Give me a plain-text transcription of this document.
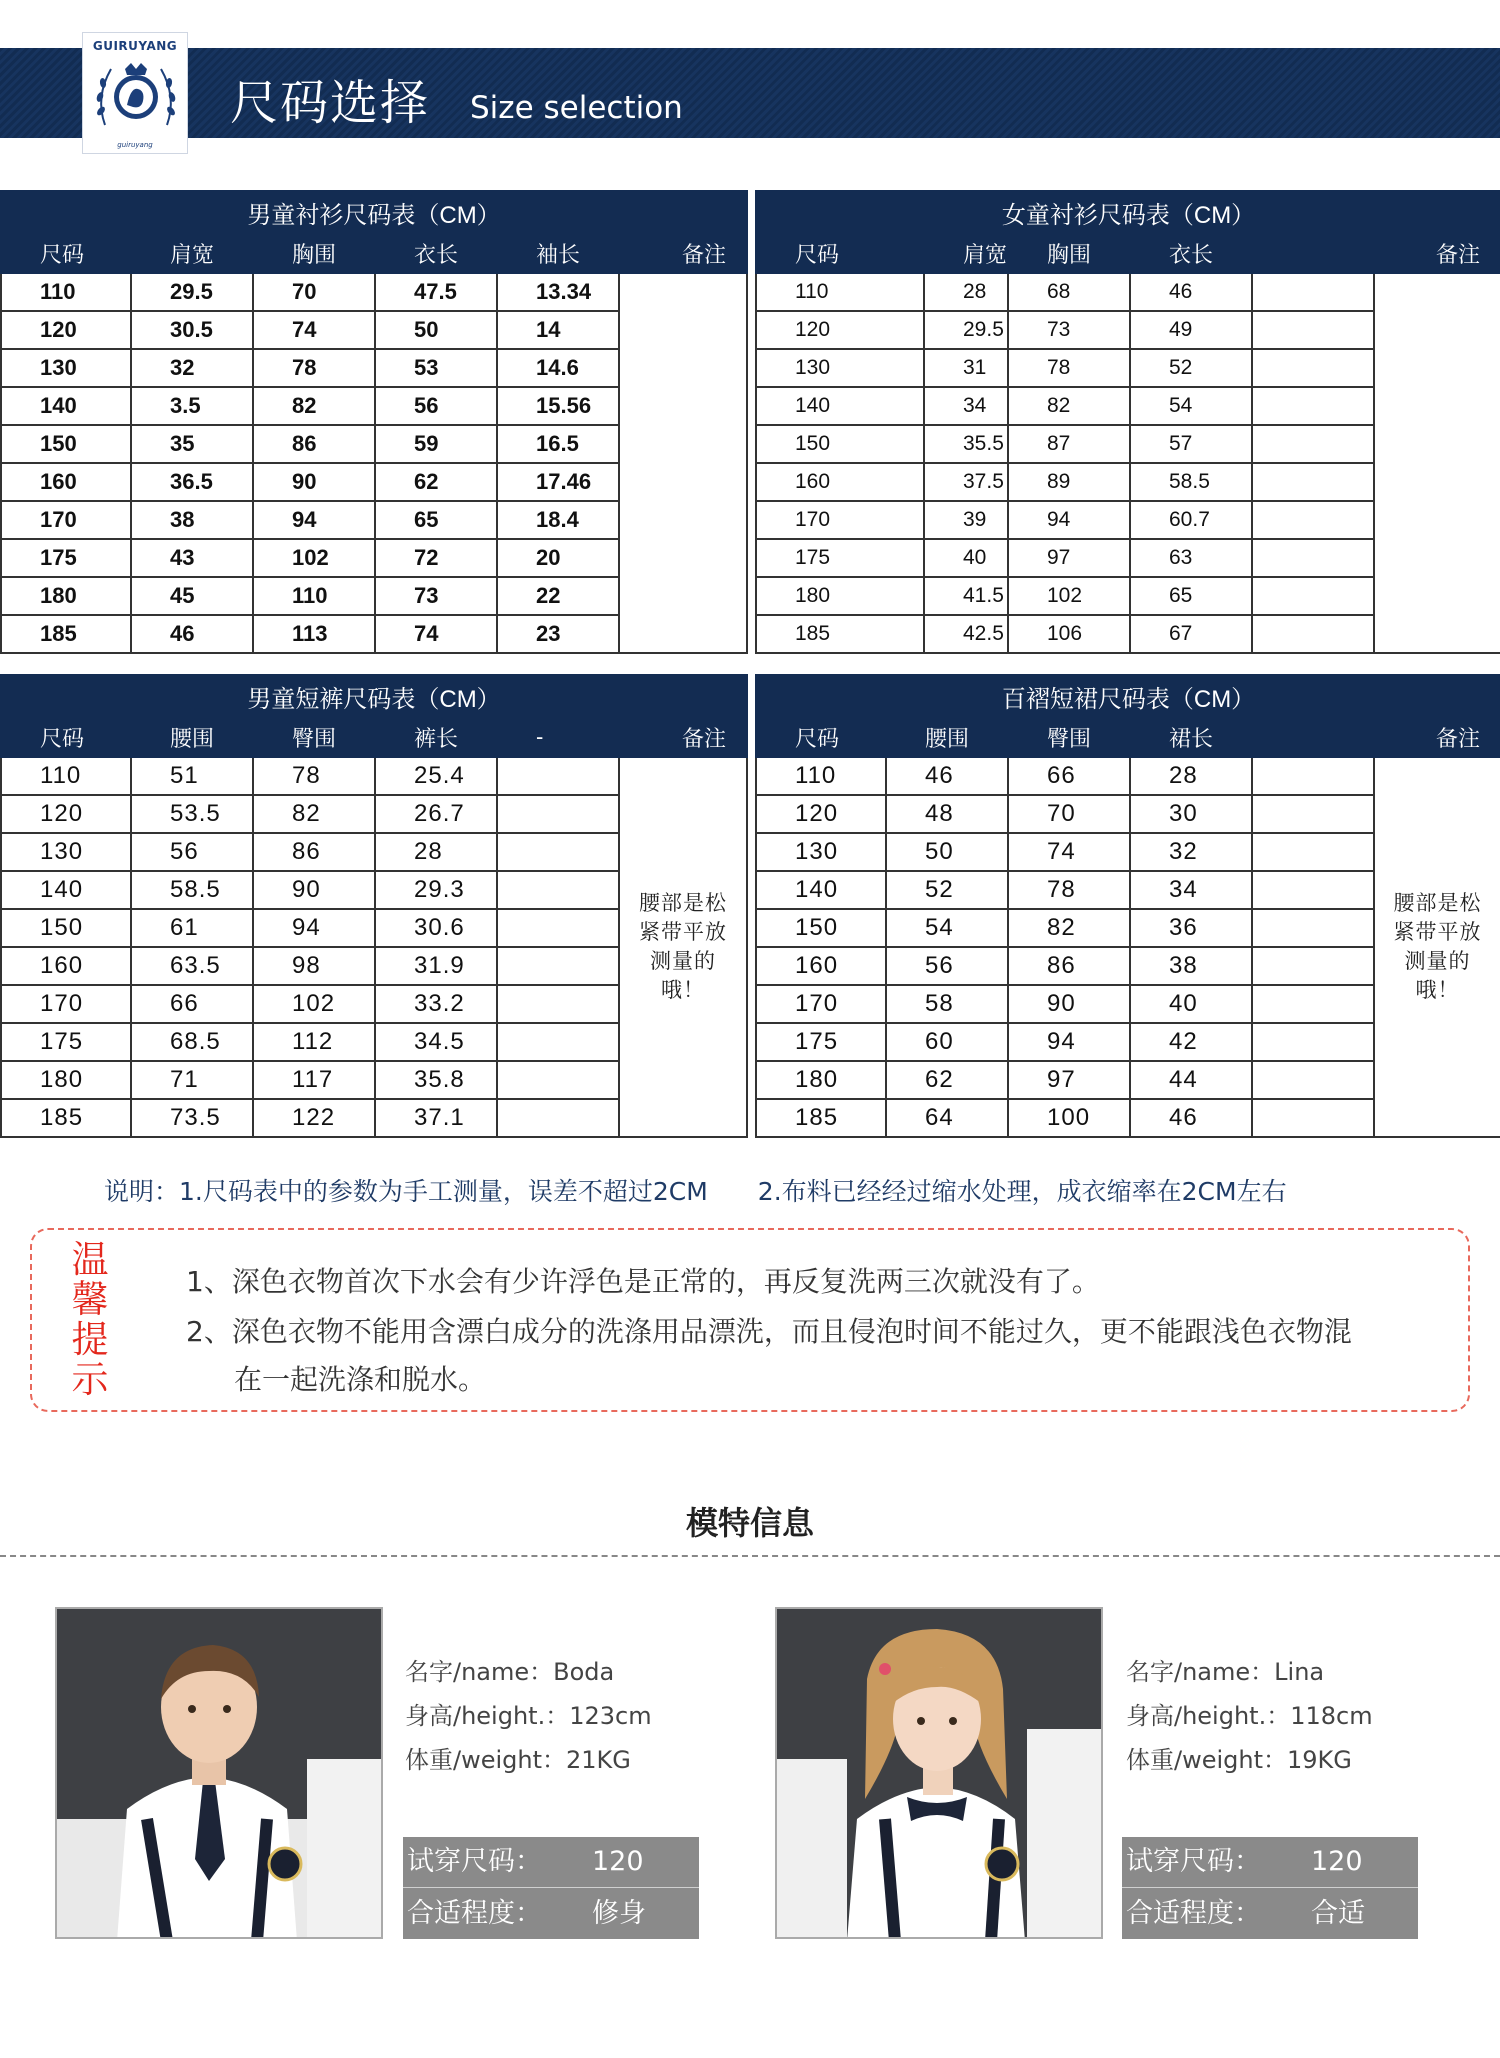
GUIRUYANG
guiruyang
尺码选择 Size selection
男童衬衫尺码表（CM）					
尺码	肩宽	胸围	衣长	袖长	备注
110	29.5	70	47.5	13.34	
120	30.5	74	50	14	
130	32	78	53	14.6	
140	3.5	82	56	15.56	
150	35	86	59	16.5	
160	36.5	90	62	17.46	
170	38	94	65	18.4	
175	43	102	72	20	
180	45	110	73	22	
185	46	113	74	23	
女童衬衫尺码表（CM）					
尺码	肩宽	胸围	衣长		备注
110	28	68	46		
120	29.5	73	49		
130	31	78	52		
140	34	82	54		
150	35.5	87	57		
160	37.5	89	58.5		
170	39	94	60.7		
175	40	97	63		
180	41.5	102	65		
185	42.5	106	67		
男童短裤尺码表（CM）					
尺码	腰围	臀围	裤长	-	备注
110	51	78	25.4		腰部是松紧带平放测量的哦！
120	53.5	82	26.7		
130	56	86	28		
140	58.5	90	29.3		
150	61	94	30.6		
160	63.5	98	31.9		
170	66	102	33.2		
175	68.5	112	34.5		
180	71	117	35.8		
185	73.5	122	37.1		
百褶短裙尺码表（CM）					
尺码	腰围	臀围	裙长		备注
110	46	66	28		腰部是松紧带平放测量的哦！
120	48	70	30		
130	50	74	32		
140	52	78	34		
150	54	82	36		
160	56	86	38		
170	58	90	40		
175	60	94	42		
180	62	97	44		
185	64	100	46		
说明：1.尺码表中的参数为手工测量，误差不超过2CM　　2.布料已经经过缩水处理，成衣缩率在2CM左右
温馨提示
1、深色衣物首次下水会有少许浮色是正常的，再反复洗两三次就没有了。
2、深色衣物不能用含漂白成分的洗涤用品漂洗，而且侵泡时间不能过久，更不能跟浅色衣物混
在一起洗涤和脱水。
模特信息
名字/name：Boda
身高/height.：123cm
体重/weight：21KG
试穿尺码： 120
合适程度： 修身
名字/name：Lina
身高/height.：118cm
体重/weight：19KG
试穿尺码： 120
合适程度： 合适
